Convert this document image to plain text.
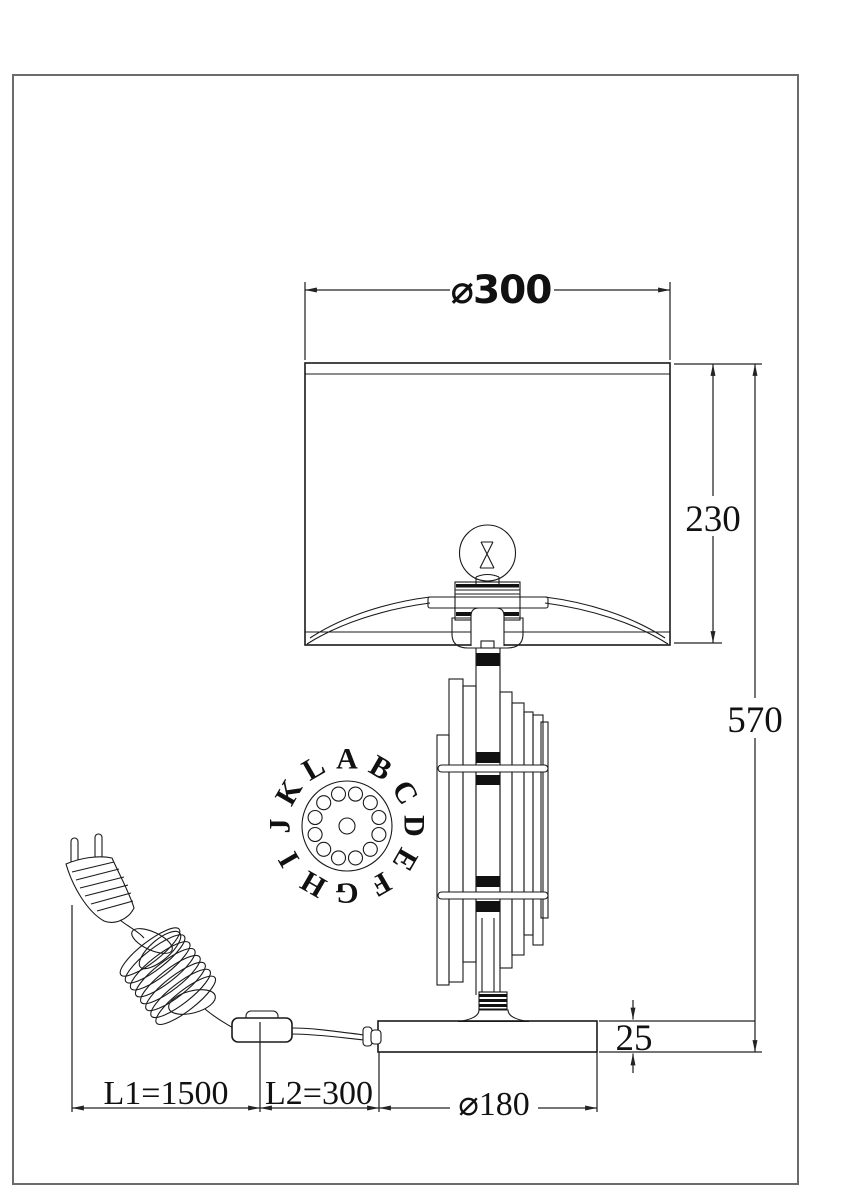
A B
C
D
E
F
G
H
I
J
K
L
⌀300
230
570
25
L1=1500 L2=300	⌀180
